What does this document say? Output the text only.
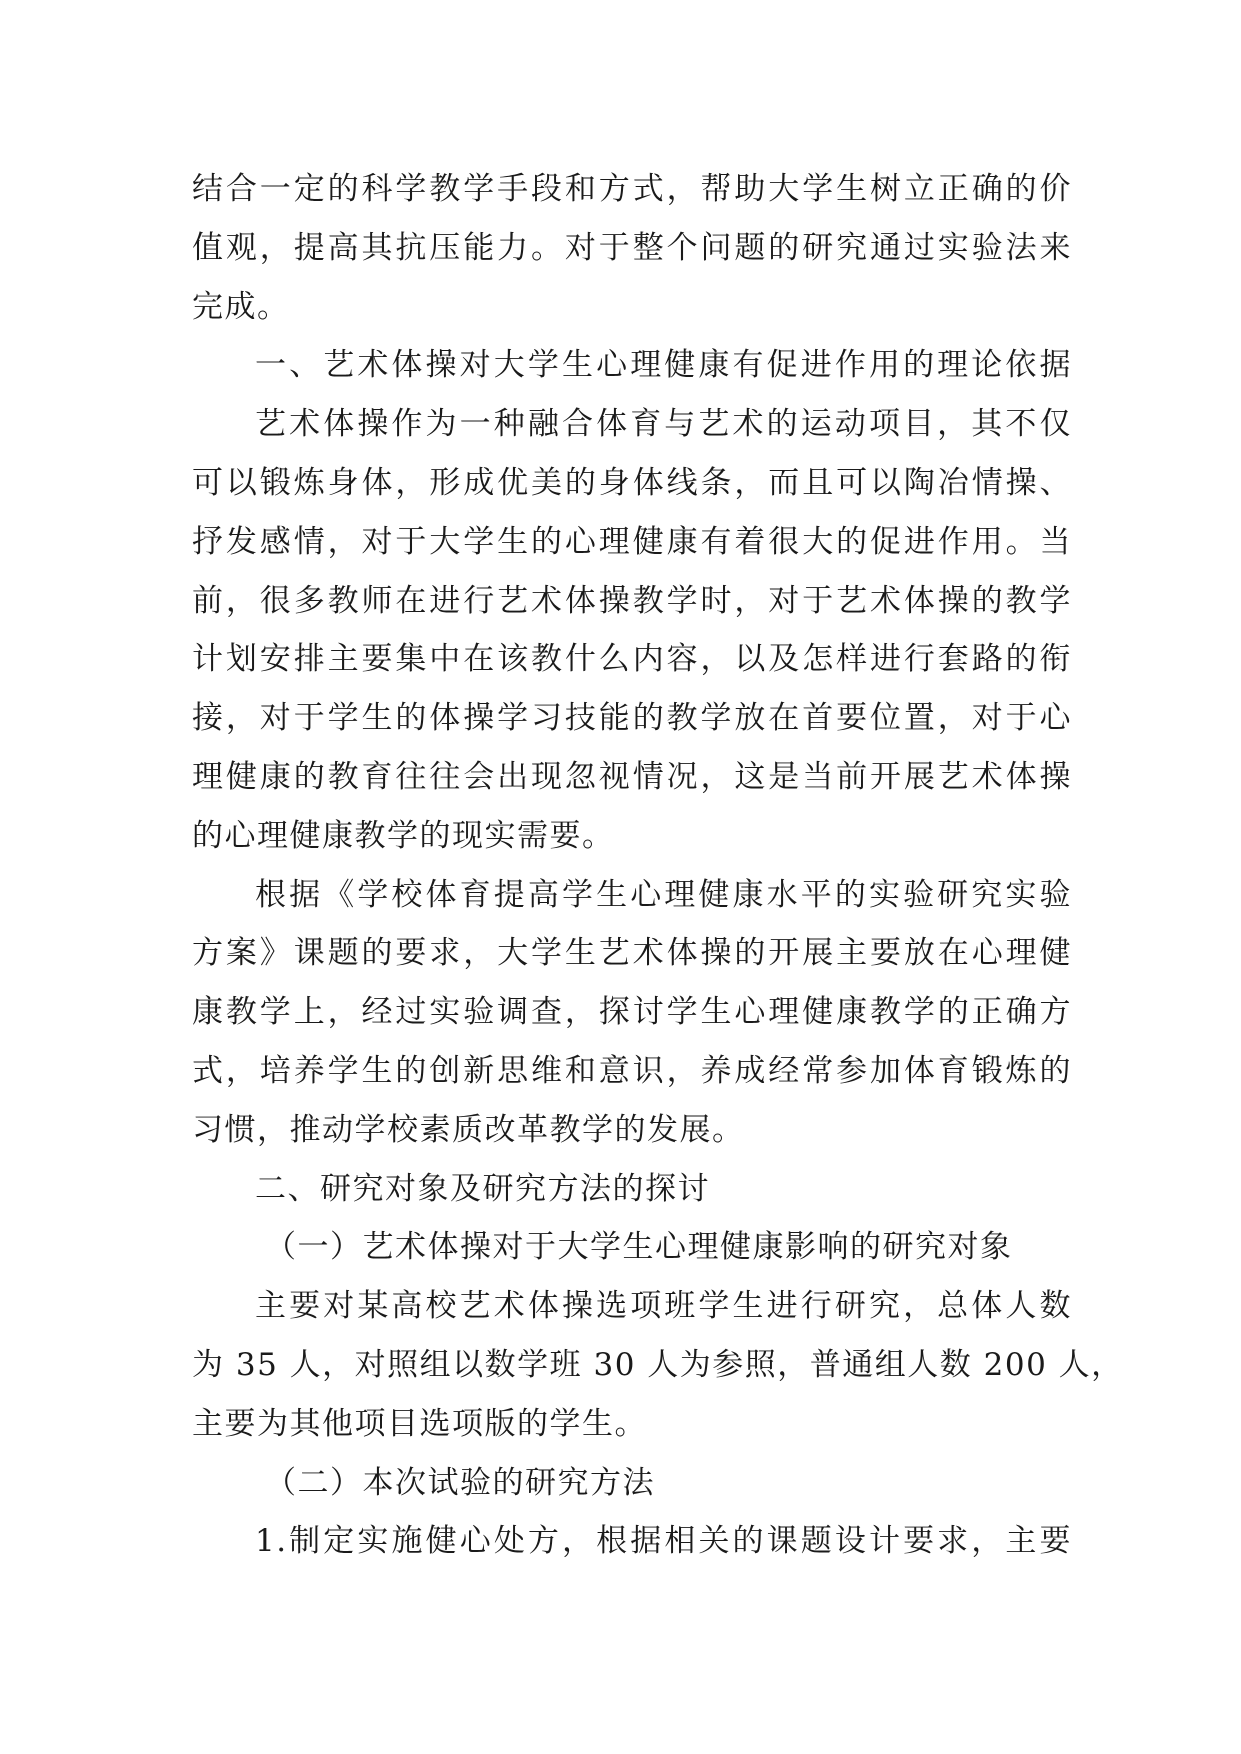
结合一定的科学教学手段和方式，帮助大学生树立正确的价
值观，提高其抗压能力。对于整个问题的研究通过实验法来
完成。
一、艺术体操对大学生心理健康有促进作用的理论依据
艺术体操作为一种融合体育与艺术的运动项目，其不仅
可以锻炼身体，形成优美的身体线条，而且可以陶冶情操、
抒发感情，对于大学生的心理健康有着很大的促进作用。当
前，很多教师在进行艺术体操教学时，对于艺术体操的教学
计划安排主要集中在该教什么内容，以及怎样进行套路的衔
接，对于学生的体操学习技能的教学放在首要位置，对于心
理健康的教育往往会出现忽视情况，这是当前开展艺术体操
的心理健康教学的现实需要。
根据《学校体育提高学生心理健康水平的实验研究实验
方案》课题的要求，大学生艺术体操的开展主要放在心理健
康教学上，经过实验调查，探讨学生心理健康教学的正确方
式，培养学生的创新思维和意识，养成经常参加体育锻炼的
习惯，推动学校素质改革教学的发展。
二、研究对象及研究方法的探讨
（一）艺术体操对于大学生心理健康影响的研究对象
主要对某高校艺术体操选项班学生进行研究，总体人数
为 35 人，对照组以数学班 30 人为参照，普通组人数 200 人，
主要为其他项目选项版的学生。
（二）本次试验的研究方法
1.制定实施健心处方，根据相关的课题设计要求，主要
